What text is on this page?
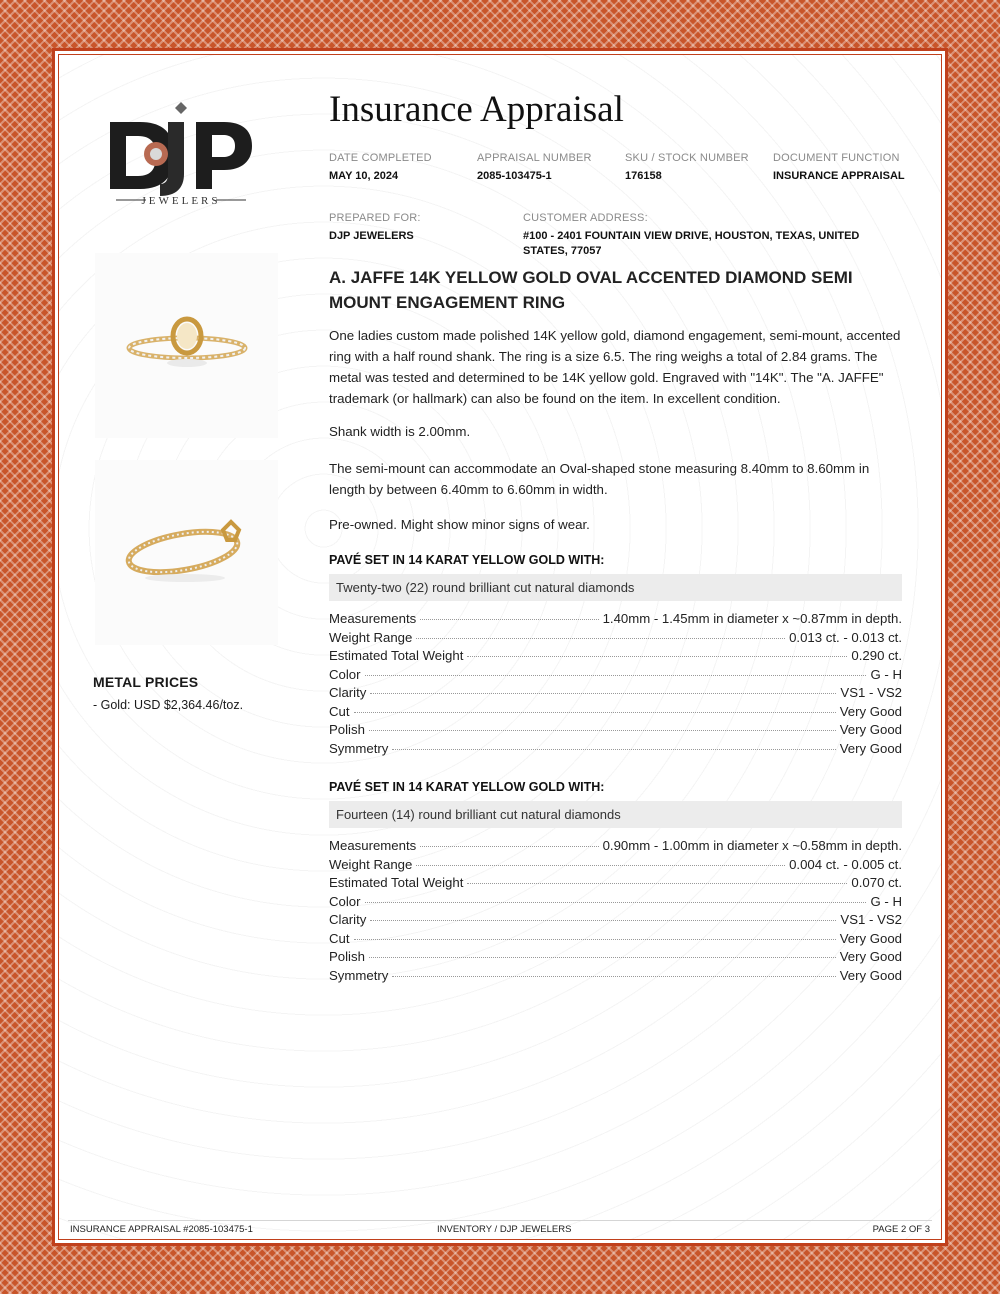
JEWELERS
METAL PRICES
- Gold: USD $2,364.46/toz.
Insurance Appraisal
DATE COMPLETED
MAY 10, 2024
APPRAISAL NUMBER
2085-103475-1
SKU / STOCK NUMBER
176158
DOCUMENT FUNCTION
INSURANCE APPRAISAL
PREPARED FOR:
DJP JEWELERS
CUSTOMER ADDRESS:
#100 - 2401 FOUNTAIN VIEW DRIVE, HOUSTON, TEXAS, UNITED STATES, 77057
A. JAFFE 14K YELLOW GOLD OVAL ACCENTED DIAMOND SEMI MOUNT ENGAGEMENT RING
One ladies custom made polished 14K yellow gold, diamond engagement, semi-mount, accented ring with a half round shank. The ring is a size 6.5. The ring weighs a total of 2.84 grams. The metal was tested and determined to be 14K yellow gold. Engraved with "14K". The "A. JAFFE" trademark (or hallmark) can also be found on the item. In excellent condition.
Shank width is 2.00mm.
The semi-mount can accommodate an Oval-shaped stone measuring 8.40mm to 8.60mm in length by between 6.40mm to 6.60mm in width.
Pre-owned. Might show minor signs of wear.
PAVÉ SET IN 14 KARAT YELLOW GOLD WITH:
Twenty-two (22) round brilliant cut natural diamonds
Measurements	1.40mm - 1.45mm in diameter x ~0.87mm in depth.
Weight Range	0.013 ct. - 0.013 ct.
Estimated Total Weight	0.290 ct.
Color	G - H
Clarity	VS1 - VS2
Cut	Very Good
Polish	Very Good
Symmetry	Very Good
PAVÉ SET IN 14 KARAT YELLOW GOLD WITH:
Fourteen (14) round brilliant cut natural diamonds
Measurements	0.90mm - 1.00mm in diameter x ~0.58mm in depth.
Weight Range	0.004 ct. - 0.005 ct.
Estimated Total Weight	0.070 ct.
Color	G - H
Clarity	VS1 - VS2
Cut	Very Good
Polish	Very Good
Symmetry	Very Good
INSURANCE APPRAISAL #2085-103475-1	INVENTORY / DJP JEWELERS	PAGE 2 OF 3
